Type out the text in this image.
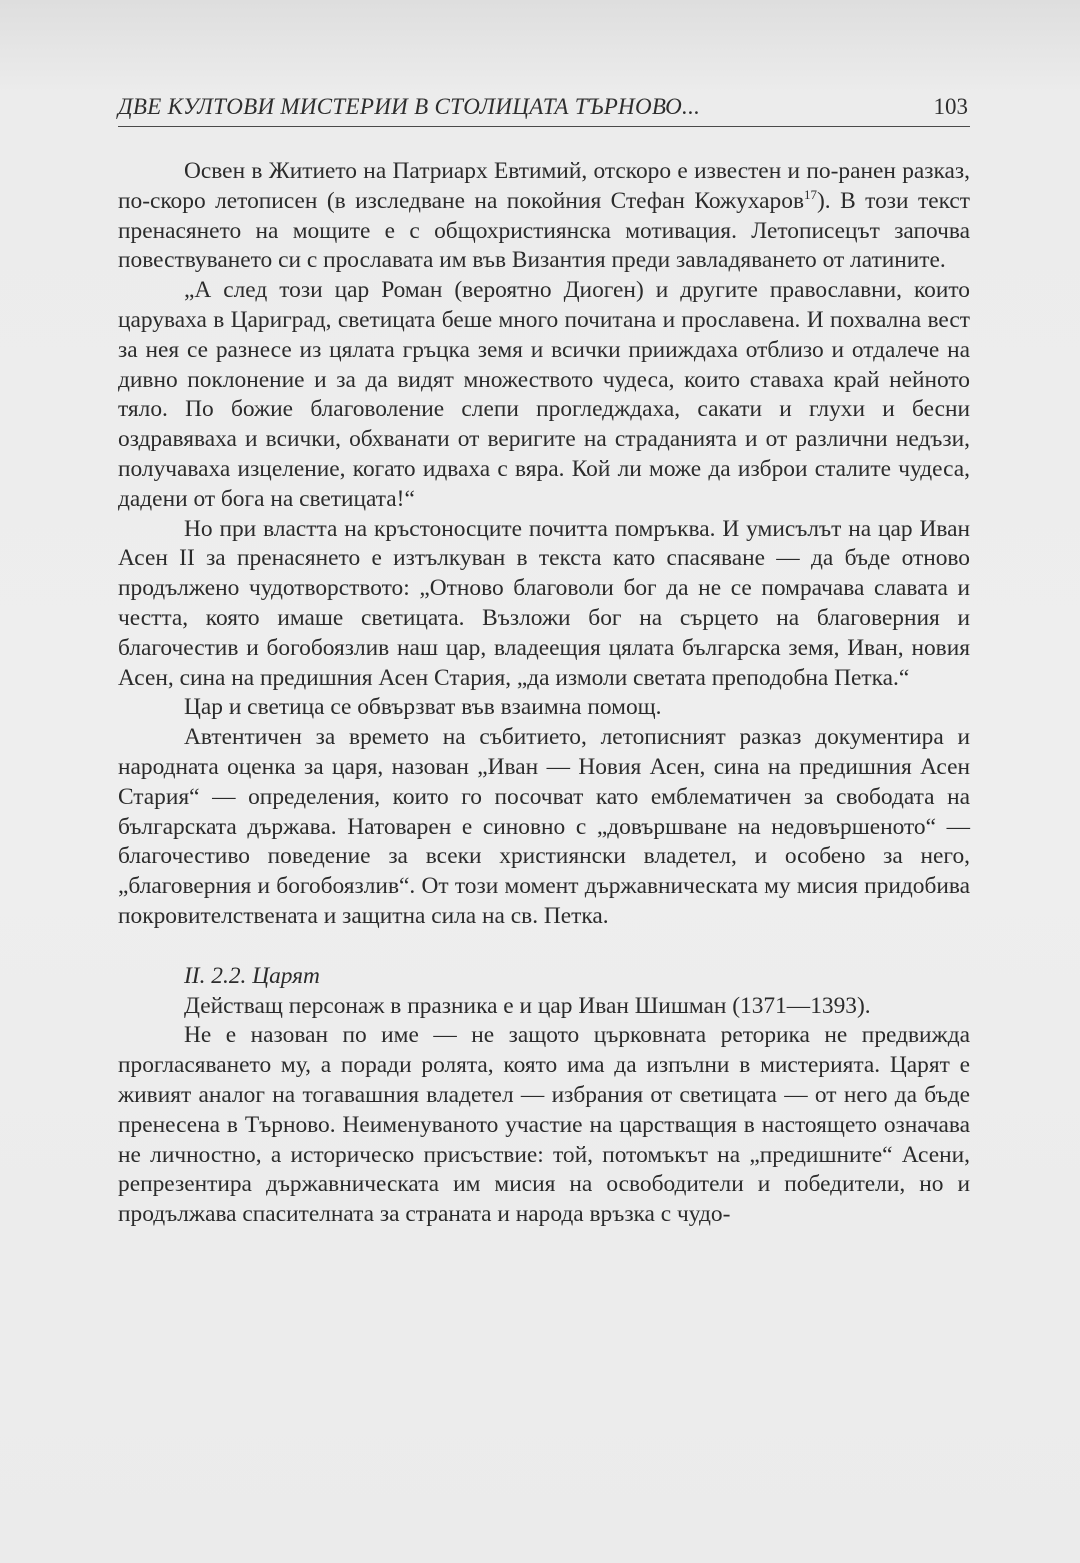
ДВЕ КУЛТОВИ МИСТЕРИИ В СТОЛИЦАТА ТЪРНОВО...	103

Освен в Житието на Патриарх Евтимий, отскоро е известен и по-ранен разказ, по-скоро летописен (в изследване на покойния Стефан Кожухаров$^{17}$). В този текст пренасянето на мощите е с общохристиянска мотивация. Летописецът започва повествуването си с прославата им във Византия преди завладяването от латините.

„А след този цар Роман (вероятно Диоген) и другите православни, които царуваха в Цариград, светицата беше много почитана и прославена. И похвална вест за нея се разнесе из цялата гръцка земя и всички прииждаха отблизо и отдалече на дивно поклонение и за да видят множеството чудеса, които ставаха край нейното тяло. По божие благоволение слепи прогледждаха, сакати и глухи и бесни оздравяваха и всички, обхванати от веригите на страданията и от различни недъзи, получаваха изцеление, когато идваха с вяра. Кой ли може да изброи сталите чудеса, дадени от бога на светицата!“

Но при властта на кръстоносците почитта помръква. И умисълът на цар Иван Асен II за пренасянето е изтълкуван в текста като спасяване — да бъде отново продължено чудотворството: „Отново благоволи бог да не се помрачава славата и честта, която имаше светицата. Възложи бог на сърцето на благоверния и благочестив и богобоязлив наш цар, владеещия цялата българска земя, Иван, новия Асен, сина на предишния Асен Стария, „да измоли светата преподобна Петка.“

Цар и светица се обвързват във взаимна помощ.

Автентичен за времето на събитието, летописният разказ документира и народната оценка за царя, назован „Иван — Новия Асен, сина на предишния Асен Стария“ — определения, които го посочват като емблематичен за свободата на българската държава. Натоварен е синовно с „довършване на недовършеното“ — благочестиво поведение за всеки християнски владетел, и особено за него, „благоверния и богобоязлив“. От този момент държавническата му мисия придобива покровителствената и защитна сила на св. Петка.

II. 2.2. Царят

Действащ персонаж в празника е и цар Иван Шишман (1371—1393).

Не е назован по име — не защото църковната реторика не предвижда прогласяването му, а поради ролята, която има да изпълни в мистерията. Царят е живият аналог на тогавашния владетел — избрания от светицата — от него да бъде пренесена в Търново. Неименуваното участие на царстващия в настоящето означава не личностно, а историческо присъствие: той, потомъкът на „предишните“ Асени, репрезентира държавническата им мисия на освободители и победители, но и продължава спасителната за страната и народа връзка с чудо-
